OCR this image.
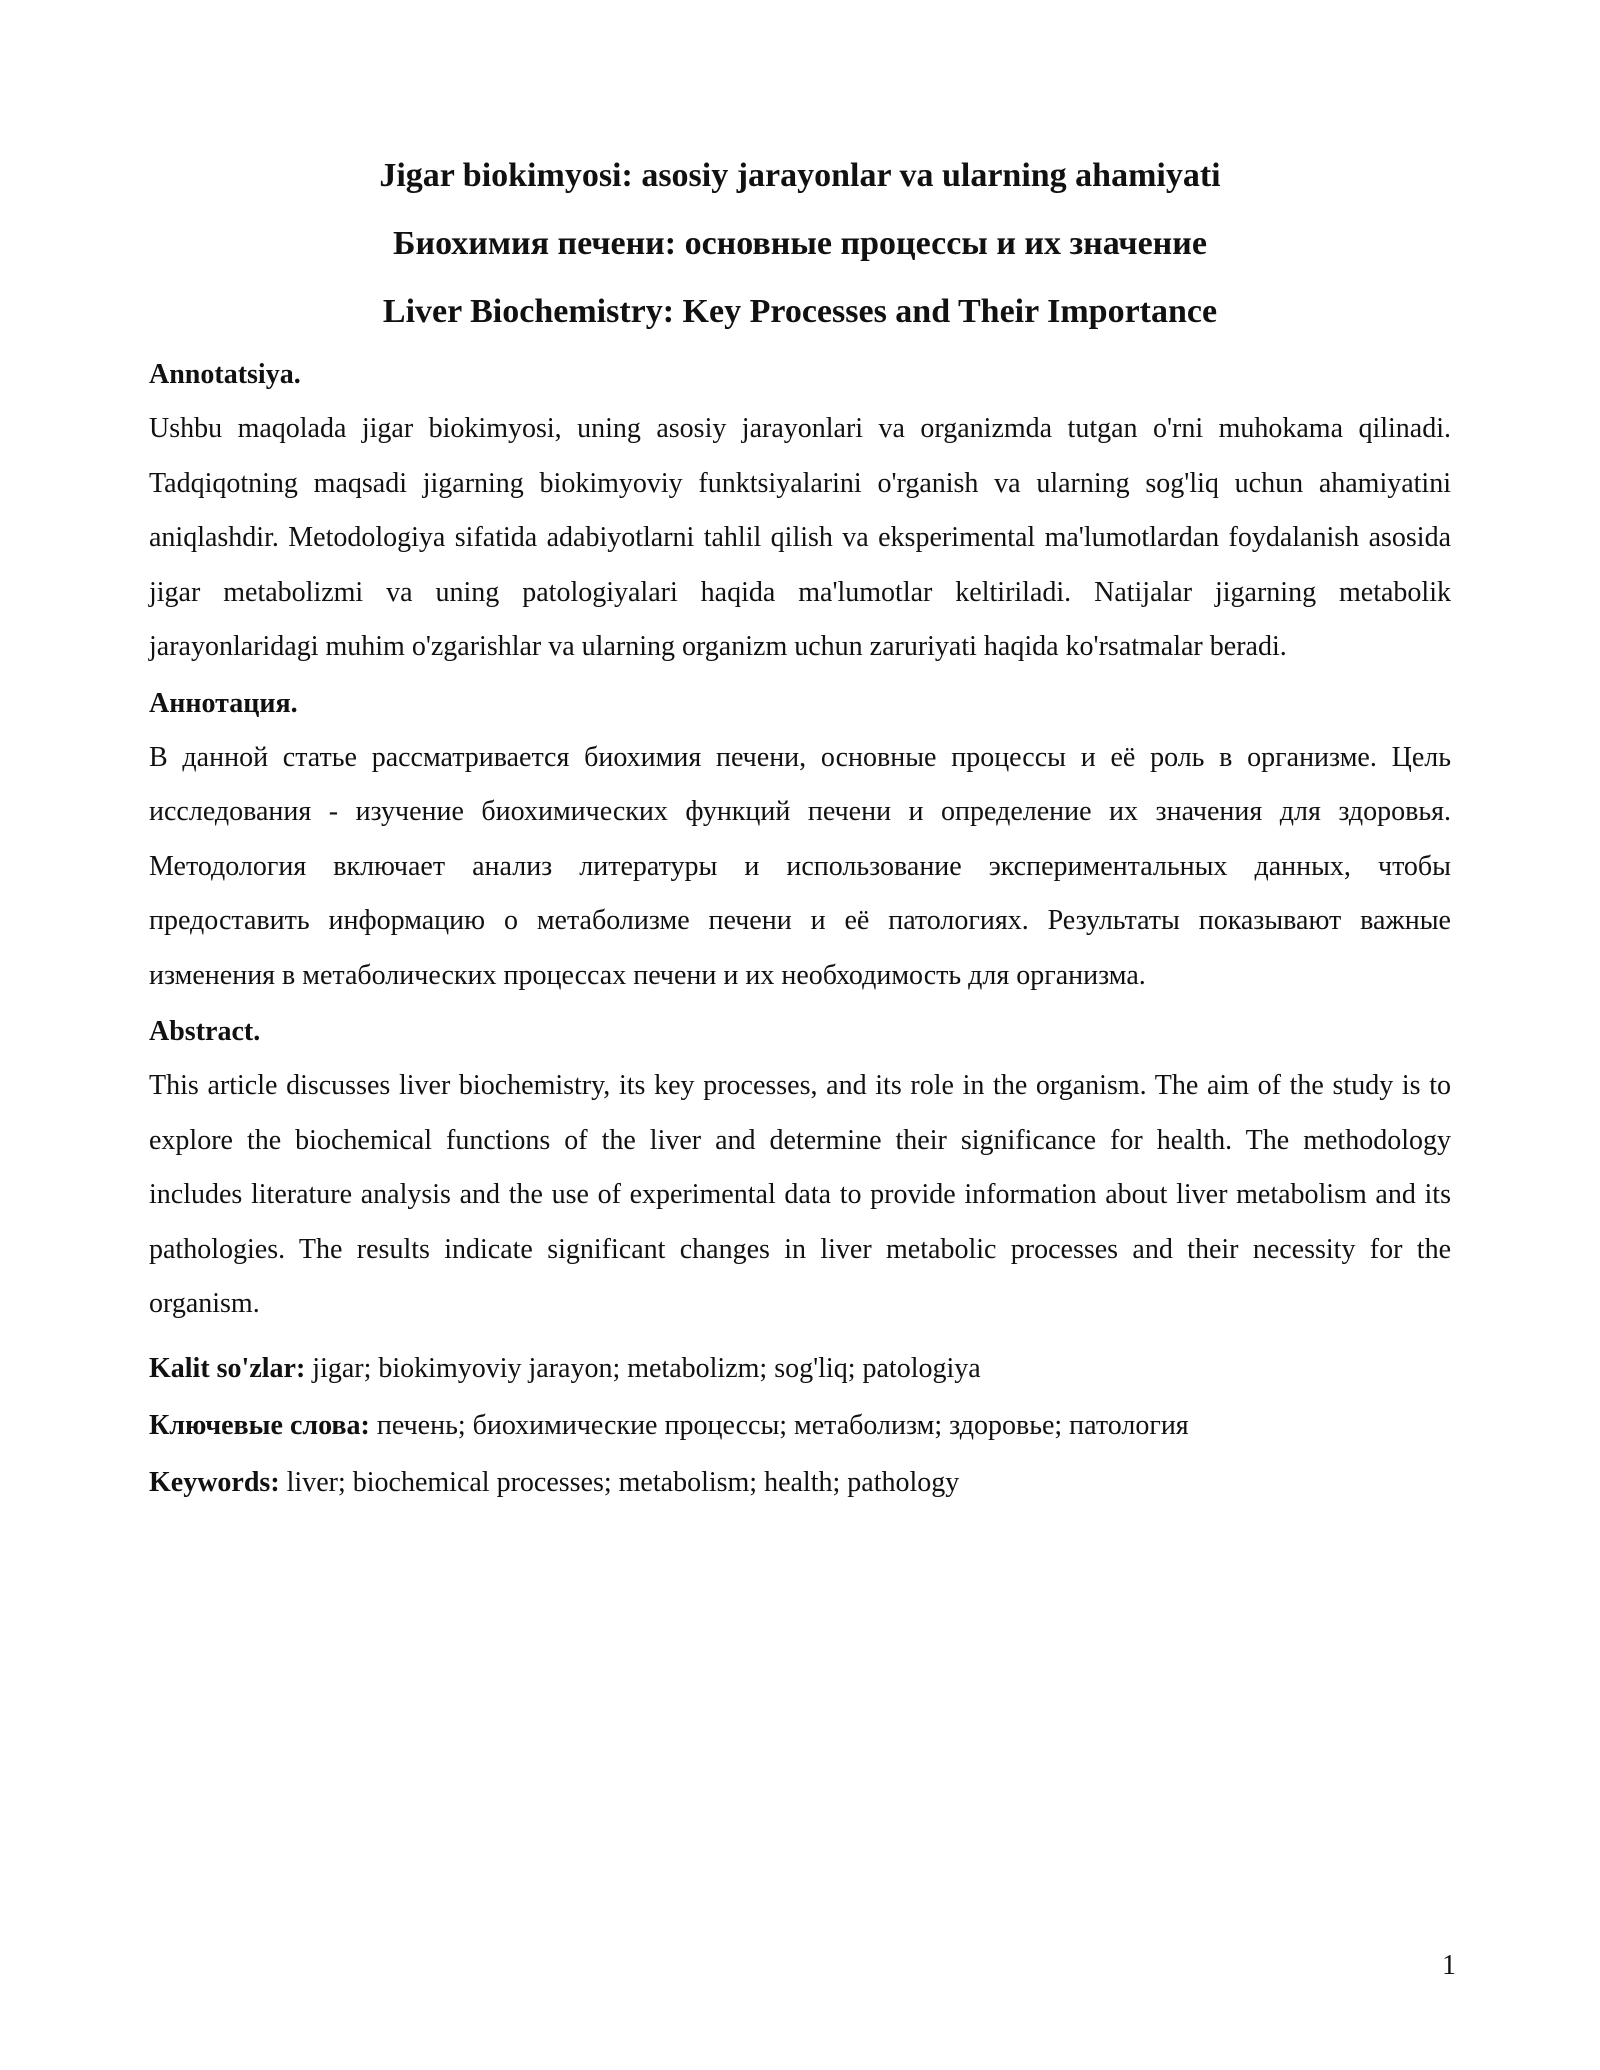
Jigar biokimyosi: asosiy jarayonlar va ularning ahamiyati
Биохимия печени: основные процессы и их значение
Liver Biochemistry: Key Processes and Their Importance
Annotatsiya.

Ushbu maqolada jigar biokimyosi, uning asosiy jarayonlari va organizmda tutgan o'rni muhokama qilinadi. Tadqiqotning maqsadi jigarning biokimyoviy funktsiyalarini o'rganish va ularning sog'liq uchun ahamiyatini aniqlashdir. Metodologiya sifatida adabiyotlarni tahlil qilish va eksperimental ma'lumotlardan foydalanish asosida jigar metabolizmi va uning patologiyalari haqida ma'lumotlar keltiriladi. Natijalar jigarning metabolik jarayonlaridagi muhim o'zgarishlar va ularning organizm uchun zaruriyati haqida ko'rsatmalar beradi.

Аннотация.

В данной статье рассматривается биохимия печени, основные процессы и её роль в организме. Цель исследования - изучение биохимических функций печени и определение их значения для здоровья. Методология включает анализ литературы и использование экспериментальных данных, чтобы предоставить информацию о метаболизме печени и её патологиях. Результаты показывают важные изменения в метаболических процессах печени и их необходимость для организма.

Abstract.

This article discusses liver biochemistry, its key processes, and its role in the organism. The aim of the study is to explore the biochemical functions of the liver and determine their significance for health. The methodology includes literature analysis and the use of experimental data to provide information about liver metabolism and its pathologies. The results indicate significant changes in liver metabolic processes and their necessity for the organism.

Kalit so'zlar: jigar; biokimyoviy jarayon; metabolizm; sog'liq; patologiya
Ключевые слова: печень; биохимические процессы; метаболизм; здоровье; патология
Keywords: liver; biochemical processes; metabolism; health; pathology
1
